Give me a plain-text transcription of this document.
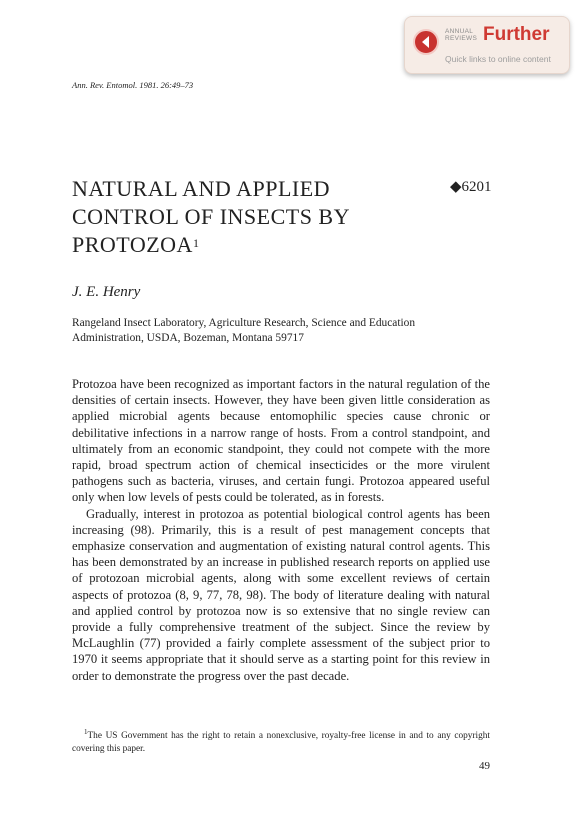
ANNUAL
REVIEWS Further
Quick links to online content
Ann. Rev. Entomol. 1981. 26:49–73
NATURAL AND APPLIED
CONTROL OF INSECTS BY
PROTOZOA$^1$
◆6201
J. E. Henry
Rangeland Insect Laboratory, Agriculture Research, Science and Education
Administration, USDA, Bozeman, Montana 59717

Protozoa have been recognized as important factors in the natural regulation of the densities of certain insects. However, they have been given little consideration as applied microbial agents because entomophilic species cause chronic or debilitative infections in a narrow range of hosts. From a control standpoint, and ultimately from an economic standpoint, they could not compete with the more rapid, broad spectrum action of chemical insecticides or the more virulent pathogens such as bacteria, viruses, and certain fungi. Protozoa appeared useful only when low levels of pests could be tolerated, as in forests.

Gradually, interest in protozoa as potential biological control agents has been increasing (98). Primarily, this is a result of pest management concepts that emphasize conservation and augmentation of existing natural control agents. This has been demonstrated by an increase in published research reports on applied use of protozoan microbial agents, along with some excellent reviews of certain aspects of protozoa (8, 9, 77, 78, 98). The body of literature dealing with natural and applied control by protozoa now is so extensive that no single review can provide a fully comprehensive treatment of the subject. Since the review by McLaughlin (77) provided a fairly complete assessment of the subject prior to 1970 it seems appropriate that it should serve as a starting point for this review in order to demonstrate the progress over the past decade.

$^1$The US Government has the right to retain a nonexclusive, royalty-free license in and to any copyright covering this paper.
49
